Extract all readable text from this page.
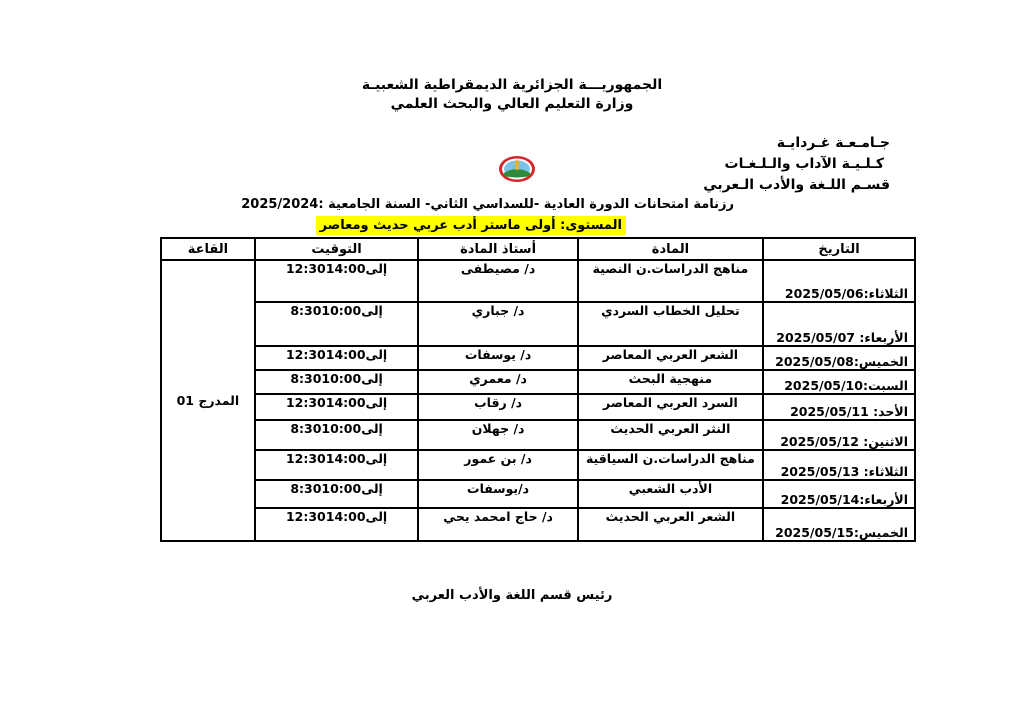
الجمهوريـــة الجزائرية الديمقراطية الشعبيـة
وزارة التعليم العالي والبحث العلمي
جـامـعـة غـردايـة
كـلـيـة الآداب والـلـغـات
قسـم اللـغة والأدب الـعربي
رزنامة امتحانات الدورة العادية -للسداسي الثاني- السنة الجامعية :2025/2024
المستوى: أولى ماستر أدب عربي حديث ومعاصر
التاريخ	المادة	أستاذ المادة	التوقيت	القاعة
الثلاثاء:2025/05/06	مناهج الدراسات.ن النصية	د/ مصيطفى	12:30إلى14:00	المدرج 01
الأربعاء: 2025/05/07	تحليل الخطاب السردي	د/ جباري	8:30إلى10:00	
الخميس:2025/05/08	الشعر العربي المعاصر	د/ يوسفات	12:30إلى14:00	
السبت:2025/05/10	منهجية البحث	د/ معمري	8:30إلى10:00	
الأحد: 2025/05/11	السرد العربي المعاصر	د/ رقاب	12:30إلى14:00	
الاثنين: 2025/05/12	النثر العربي الحديث	د/ جهلان	8:30إلى10:00	
الثلاثاء: 2025/05/13	مناهج الدراسات.ن السياقية	د/ بن عمور	12:30إلى14:00	
الأربعاء:2025/05/14	الأدب الشعبي	د/يوسفات	8:30إلى10:00	
الخميس:2025/05/15	الشعر العربي الحديث	د/ حاج امحمد يحي	12:30إلى14:00	
رئيس قسم اللغة والأدب العربي
